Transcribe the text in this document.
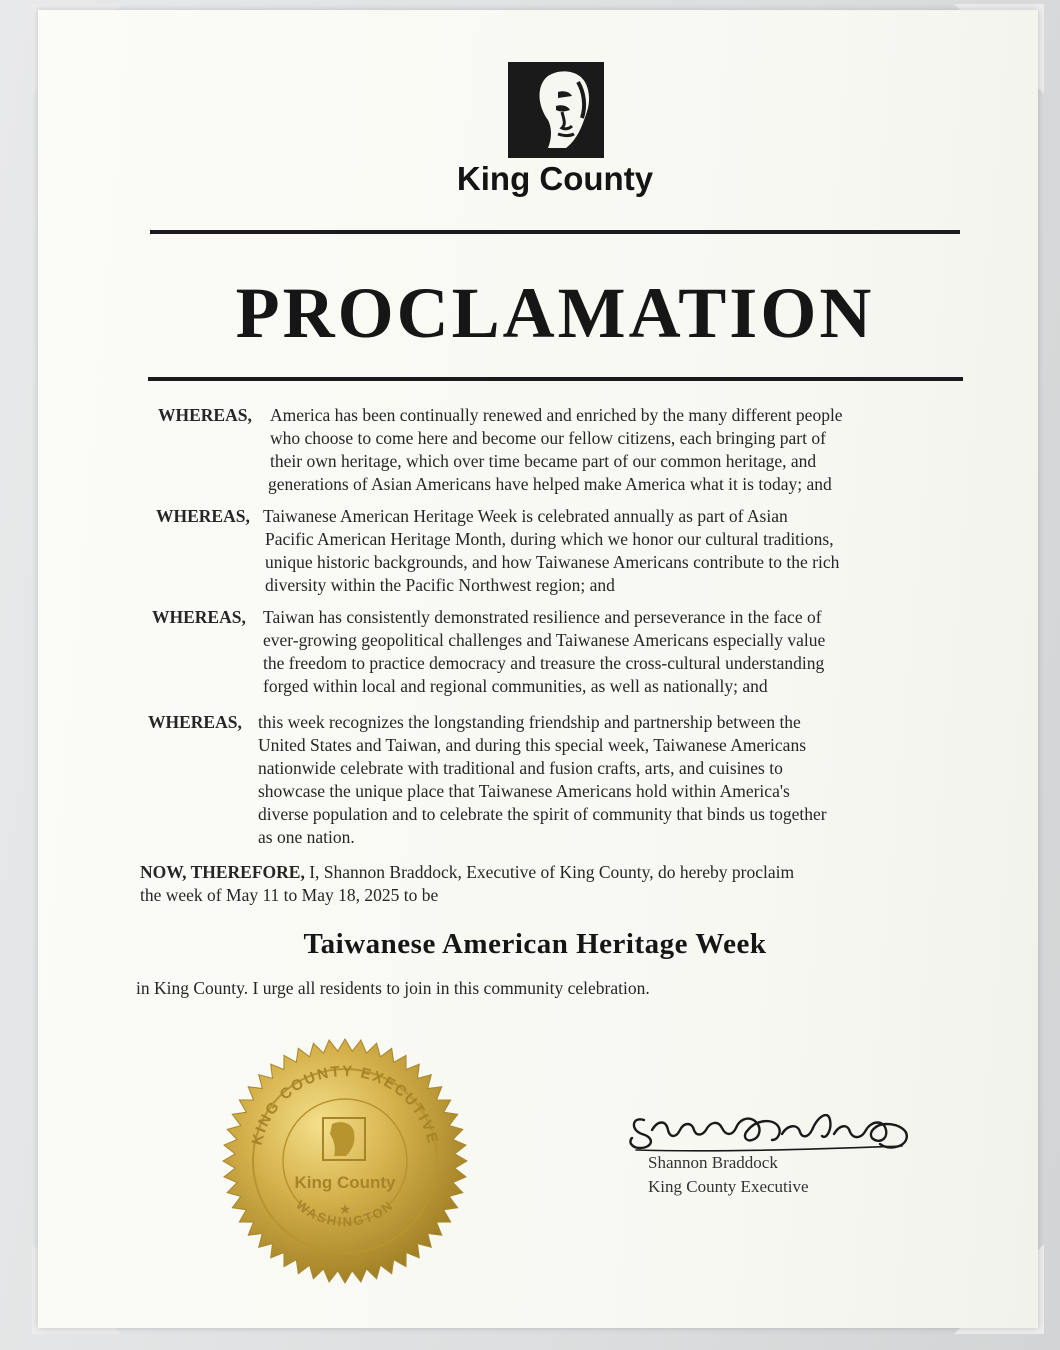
King County
PROCLAMATION
WHEREAS, America has been continually renewed and enriched by the many different people
who choose to come here and become our fellow citizens, each bringing part of
their own heritage, which over time became part of our common heritage, and
generations of Asian Americans have helped make America what it is today; and
WHEREAS, Taiwanese American Heritage Week is celebrated annually as part of Asian
Pacific American Heritage Month, during which we honor our cultural traditions,
unique historic backgrounds, and how Taiwanese Americans contribute to the rich
diversity within the Pacific Northwest region; and
WHEREAS, Taiwan has consistently demonstrated resilience and perseverance in the face of
ever-growing geopolitical challenges and Taiwanese Americans especially value
the freedom to practice democracy and treasure the cross-cultural understanding
forged within local and regional communities, as well as nationally; and
WHEREAS, this week recognizes the longstanding friendship and partnership between the
United States and Taiwan, and during this special week, Taiwanese Americans
nationwide celebrate with traditional and fusion crafts, arts, and cuisines to
showcase the unique place that Taiwanese Americans hold within America's
diverse population and to celebrate the spirit of community that binds us together
as one nation.
NOW, THEREFORE, I, Shannon Braddock, Executive of King County, do hereby proclaim
the week of May 11 to May 18, 2025 to be
Taiwanese American Heritage Week
in King County. I urge all residents to join in this community celebration.
KING COUNTY EXECUTIVE
WASHINGTON
King County
★
Shannon Braddock
King County Executive
